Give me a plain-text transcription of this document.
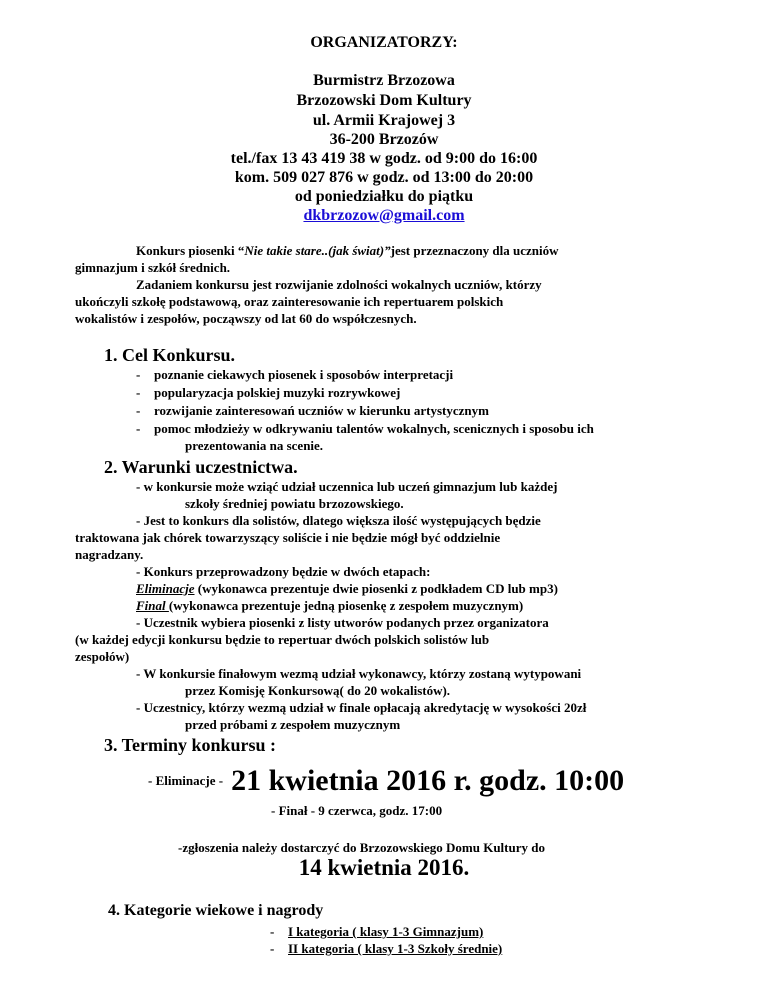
ORGANIZATORZY:
Burmistrz Brzozowa
Brzozowski Dom Kultury
ul. Armii Krajowej 3
36-200 Brzozów
tel./fax 13 43 419 38 w godz. od 9:00 do 16:00
kom. 509 027 876 w godz. od 13:00 do 20:00
od poniedziałku do piątku
dkbrzozow@gmail.com
Konkurs piosenki “Nie takie stare..(jak świat)”jest przeznaczony dla uczniów
gimnazjum i szkół średnich.
Zadaniem konkursu jest rozwijanie zdolności wokalnych uczniów, którzy
ukończyli szkołę podstawową, oraz zainteresowanie ich repertuarem polskich
wokalistów i zespołów, począwszy od lat 60 do współczesnych.
1. Cel Konkursu.
- poznanie ciekawych piosenek i sposobów interpretacji
- popularyzacja polskiej muzyki rozrywkowej
- rozwijanie zainteresowań uczniów w kierunku artystycznym
- pomoc młodzieży w odkrywaniu talentów wokalnych, scenicznych i sposobu ich
prezentowania na scenie.
2. Warunki uczestnictwa.
- w konkursie może wziąć udział uczennica lub uczeń gimnazjum lub każdej
szkoły średniej powiatu brzozowskiego.
- Jest to konkurs dla solistów, dlatego większa ilość występujących będzie
traktowana jak chórek towarzyszący soliście i nie będzie mógł być oddzielnie
nagradzany.
- Konkurs przeprowadzony będzie w dwóch etapach:
Eliminacje (wykonawca prezentuje dwie piosenki z podkładem CD lub mp3)
Final (wykonawca prezentuje jedną piosenkę z zespołem muzycznym)
- Uczestnik wybiera piosenki z listy utworów podanych przez organizatora
(w każdej edycji konkursu będzie to repertuar dwóch polskich solistów lub
zespołów)
- W konkursie finałowym wezmą udział wykonawcy, którzy zostaną wytypowani
przez Komisję Konkursową( do 20 wokalistów).
- Uczestnicy, którzy wezmą udział w finale opłacają akredytację w wysokości 20zł
przed próbami z zespołem muzycznym
3. Terminy konkursu :
- Eliminacje - 21 kwietnia 2016 r. godz. 10:00
- Finał - 9 czerwca, godz. 17:00
-zgłoszenia należy dostarczyć do Brzozowskiego Domu Kultury do
14 kwietnia 2016.
4. Kategorie wiekowe i nagrody
- I kategoria ( klasy 1-3 Gimnazjum)
- II kategoria ( klasy 1-3 Szkoły średnie)
